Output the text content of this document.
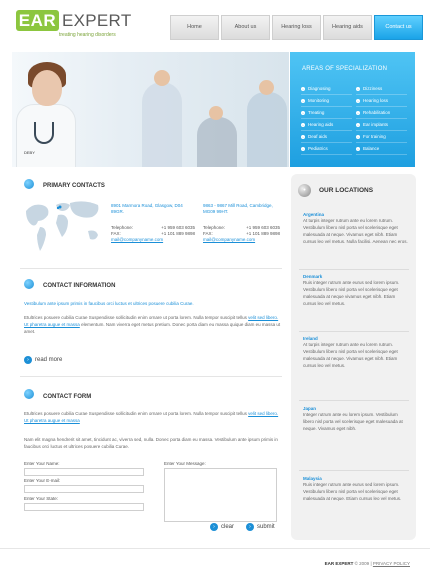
EAR EXPERT
treating hearing disorders
Home	About us	Hearing loss	Hearing aids	Contact us
DEBY
AREAS OF SPECIALIZATION
›	Diagnosing	›	Dizziness
›	Monitoring	›	Hearing loss
›	Treating	›	Rehabilitation
›	Hearing aids	›	Ear implants
›	Deaf aids	›	For training
›	Pediatrics	›	Balance
PRIMARY CONTACTS
8901 Marmora Road, Glasgow, D04 89GR.
Telephone:	+1 959 603 6035
FAX:	+1 101 889 9898
mail@companyname.com
9863 - 9867 Mill Road, Cambridge, MG09 99HT.
Telephone:	+1 959 603 6035
FAX:	+1 101 889 9898
mail@companyname.com
CONTACT INFORMATION
Vestibulum ante ipsum primis in faucibus orci luctus et ultrices posuere cubilia Curae.
Etultrices posuere cubilia Curae Suspendisse sollicitudin enim ornare ut porta lorem. Nulla tempor suscipit tellus velit sed libero. Ut pharetra augue et massa elementum. Nam viverra eget metus pretium. Donec porta diam eu massa quique diam eu massa ut amet.
›	read more
CONTACT FORM
Etultrices posuere cubilia Curae Suspendisse sollicitudin enim ornare ut porta lorem. Nulla tempor suscipit tellus velit sed libero. Ut pharetra augue et massa
Nam elit magna hendrerit sit amet, tincidunt ac, viverra sed, nulla. Donec porta diam eu massa. Vestibulum ante ipsum primis in faucibus orci luctus et ultrices posuere cubilia Curae.
Enter Your Name:
Enter Your E-mail:
Enter Your State:
Enter Your Message:
›	clear	›	submit
•	OUR LOCATIONS
Argentina
At turpis integer rutrum ante eu lorem rutrum. Vestibulum libero nisl porta vel scelerisque eget malesuada at neque. Vivamus eget nibh. Etiam cursus leo vel metus. Nulla facilisi. Aenean nec eros.
Denmark
Ruis integer rutrum ante eurus sed lorem ipsum. Vestibulum libero nisl porta vel scelerisque eget malesuada at neque vivamus eget nibh. Etiam cursus leo vel metus.
Ireland
At turpis integer rutrum ante eu lorem rutrum. Vestibulum libero nisl porta vel scelerisque eget malesuada at neque. Vivamus eget nibh. Etiam cursus leo vel metus.
Japan
Integer rutrum ante eu lorem ipsum. Vestibulum libero nisl porta vel scelerisque eget malesuada at neque. Vivamus eget nibh.
Malaysia
Ruis integer rutrum ante eurus sed lorem ipsum. Vestibulum libero nisl porta vel scelerisque eget malesuada at neque. Etiam cursus leo vel metus.
EAR EXPERT © 2009 | PRIVACY POLICY
